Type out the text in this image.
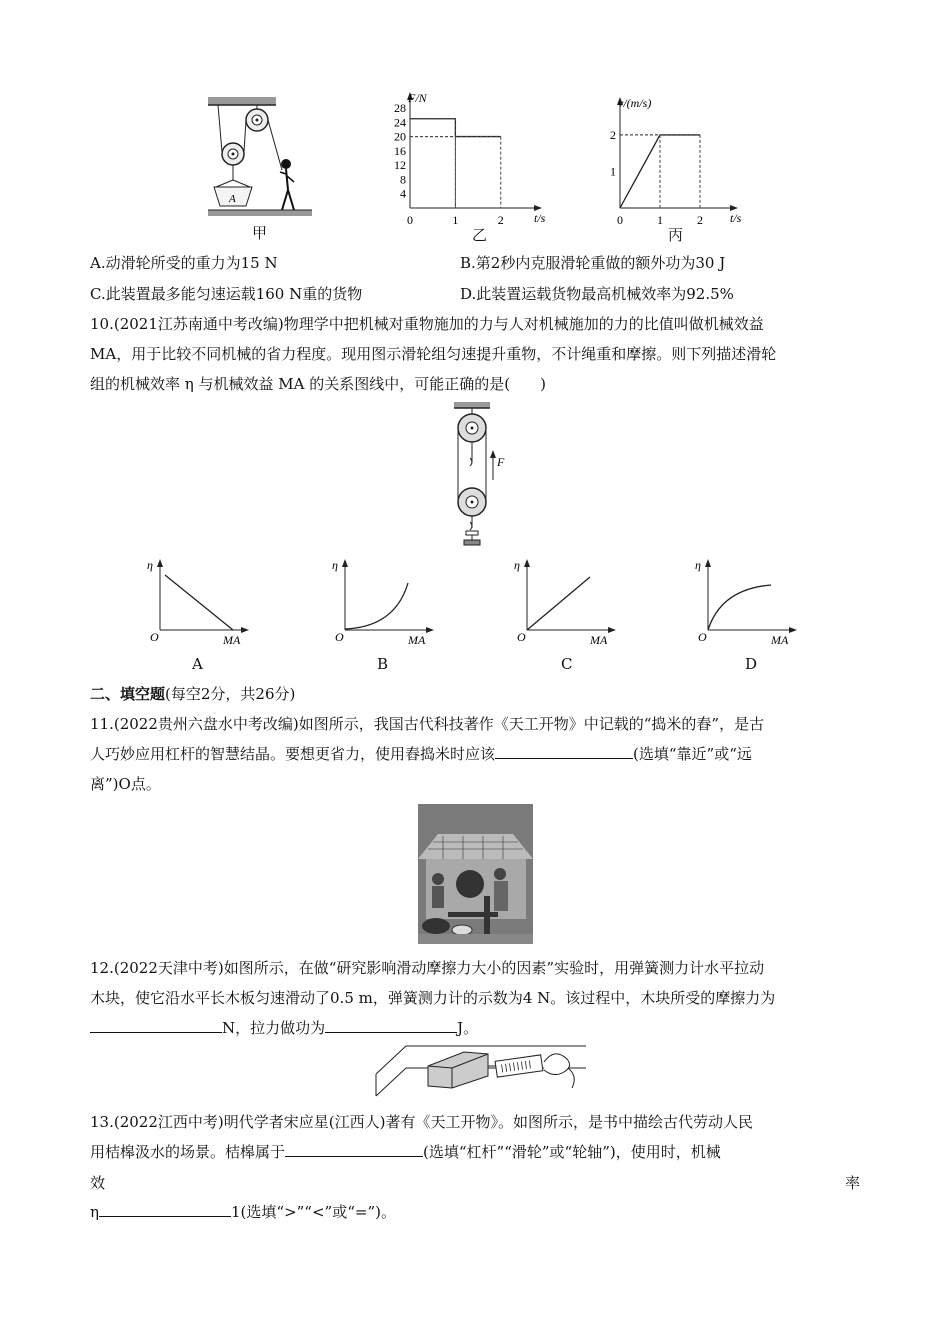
A
甲
F/N
t/s
28
24
20
16
12
8
4
0	1	2
乙
v/(m/s)
t/s
2
1
0	1	2
丙
A.动滑轮所受的重力为15 N	B.第2秒内克服滑轮重做的额外功为30 J
C.此装置最多能匀速运载160 N重的货物	D.此装置运载货物最高机械效率为92.5%
10.(2021江苏南通中考改编)物理学中把机械对重物施加的力与人对机械施加的力的比值叫做机械效益
MA，用于比较不同机械的省力程度。现用图示滑轮组匀速提升重物，不计绳重和摩擦。则下列描述滑轮
组的机械效率 η 与机械效益 MA 的关系图线中，可能正确的是(　　)
F
η
O	MA
η
O	MA
η
O	MA
η
O	MA
A	B	C	D
二、填空题(每空2分，共26分)
11.(2022贵州六盘水中考改编)如图所示，我国古代科技著作《天工开物》中记载的“捣米的舂”，是古
人巧妙应用杠杆的智慧结晶。要想更省力，使用舂捣米时应该	(选填“靠近”或“远
离”)O点。
12.(2022天津中考)如图所示，在做“研究影响滑动摩擦力大小的因素”实验时，用弹簧测力计水平拉动
木块，使它沿水平长木板匀速滑动了0.5 m，弹簧测力计的示数为4 N。该过程中，木块所受的摩擦力为
N，拉力做功为	J。
13.(2022江西中考)明代学者宋应星(江西人)著有《天工开物》。如图所示，是书中描绘古代劳动人民
用桔槔汲水的场景。桔槔属于	(选填“杠杆”“滑轮”或“轮轴”)，使用时，机械
效	率
η	1(选填“>”“<”或“=”)。
